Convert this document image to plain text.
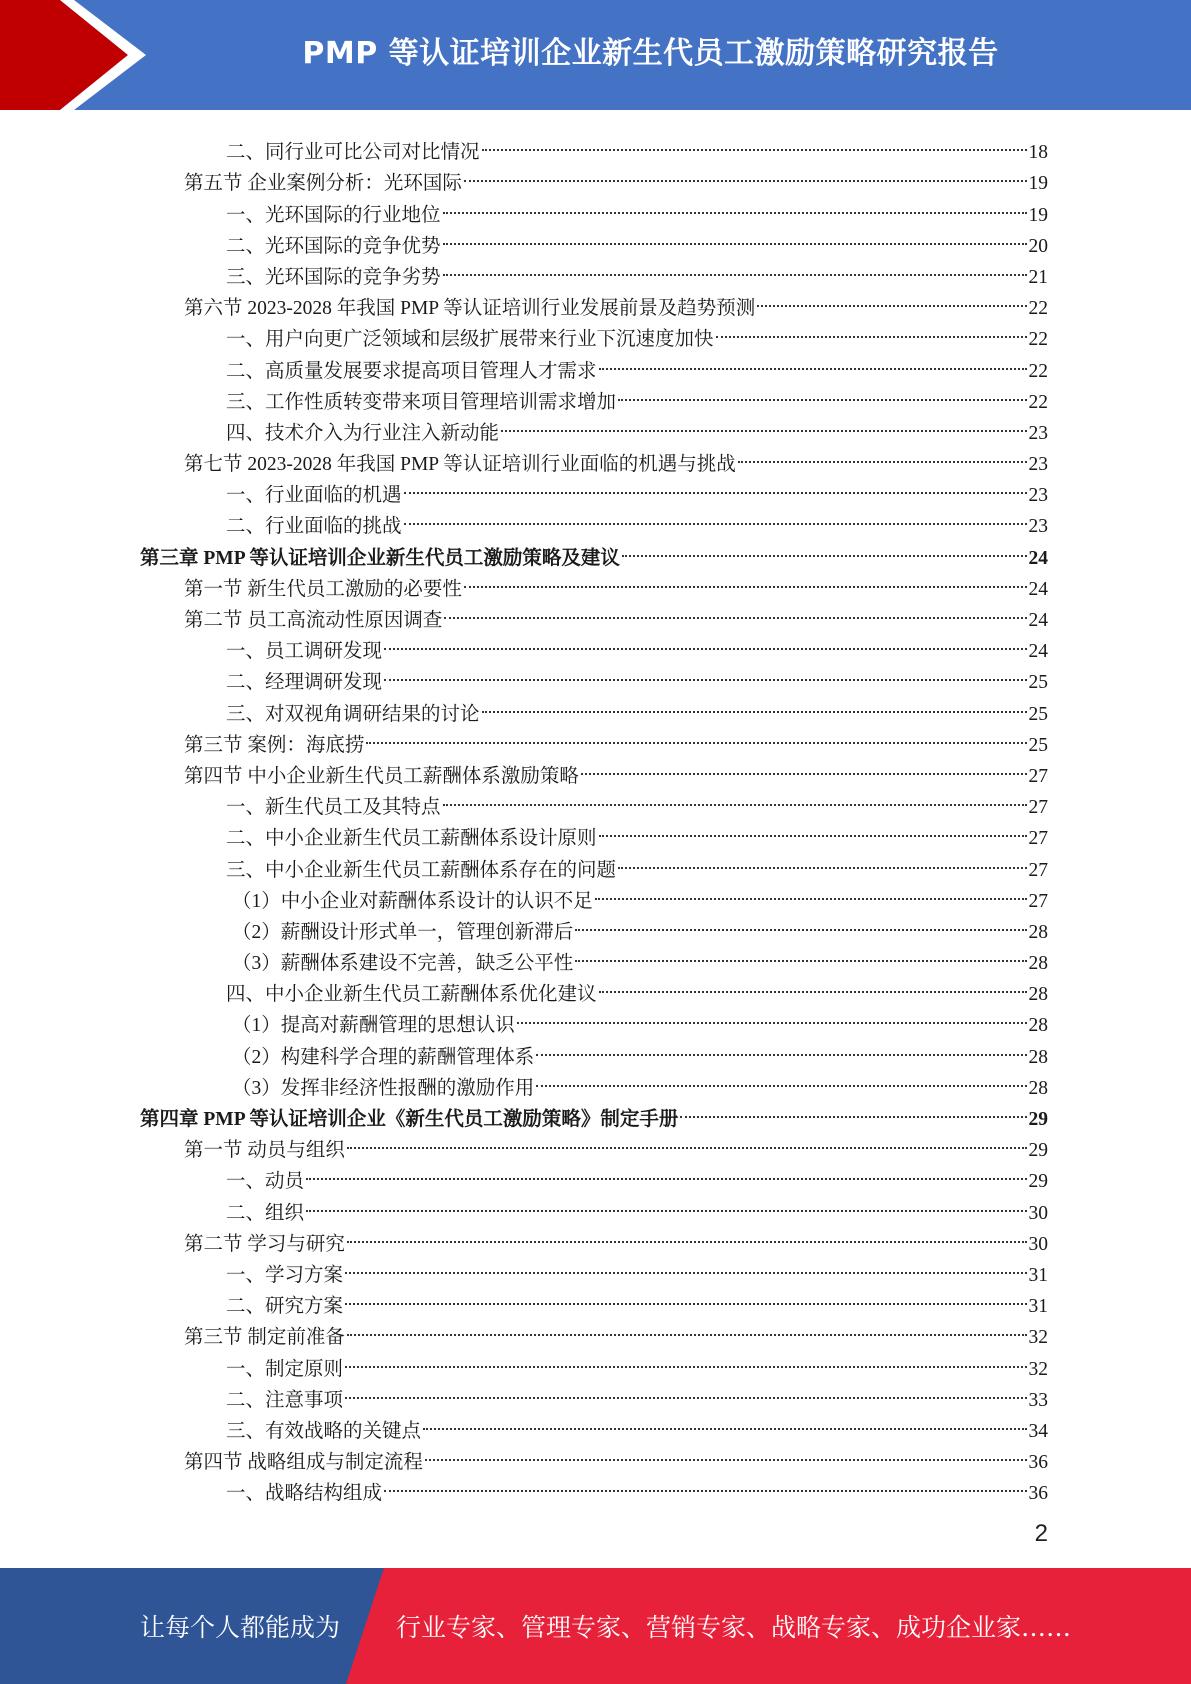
PMP 等认证培训企业新生代员工激励策略研究报告
二、同行业可比公司对比情况	18
第五节 企业案例分析：光环国际	19
一、光环国际的行业地位	19
二、光环国际的竞争优势	20
三、光环国际的竞争劣势	21
第六节 2023-2028 年我国 PMP 等认证培训行业发展前景及趋势预测	22
一、用户向更广泛领域和层级扩展带来行业下沉速度加快	22
二、高质量发展要求提高项目管理人才需求	22
三、工作性质转变带来项目管理培训需求增加	22
四、技术介入为行业注入新动能	23
第七节 2023-2028 年我国 PMP 等认证培训行业面临的机遇与挑战	23
一、行业面临的机遇	23
二、行业面临的挑战	23
第三章 PMP 等认证培训企业新生代员工激励策略及建议	24
第一节 新生代员工激励的必要性	24
第二节 员工高流动性原因调查	24
一、员工调研发现	24
二、经理调研发现	25
三、对双视角调研结果的讨论	25
第三节 案例：海底捞	25
第四节 中小企业新生代员工薪酬体系激励策略	27
一、新生代员工及其特点	27
二、中小企业新生代员工薪酬体系设计原则	27
三、中小企业新生代员工薪酬体系存在的问题	27
（1）中小企业对薪酬体系设计的认识不足	27
（2）薪酬设计形式单一，管理创新滞后	28
（3）薪酬体系建设不完善，缺乏公平性	28
四、中小企业新生代员工薪酬体系优化建议	28
（1）提高对薪酬管理的思想认识	28
（2）构建科学合理的薪酬管理体系	28
（3）发挥非经济性报酬的激励作用	28
第四章 PMP 等认证培训企业《新生代员工激励策略》制定手册	29
第一节 动员与组织	29
一、动员	29
二、组织	30
第二节 学习与研究	30
一、学习方案	31
二、研究方案	31
第三节 制定前准备	32
一、制定原则	32
二、注意事项	33
三、有效战略的关键点	34
第四节 战略组成与制定流程	36
一、战略结构组成	36
2
让每个人都能成为 行业专家、管理专家、营销专家、战略专家、成功企业家……
